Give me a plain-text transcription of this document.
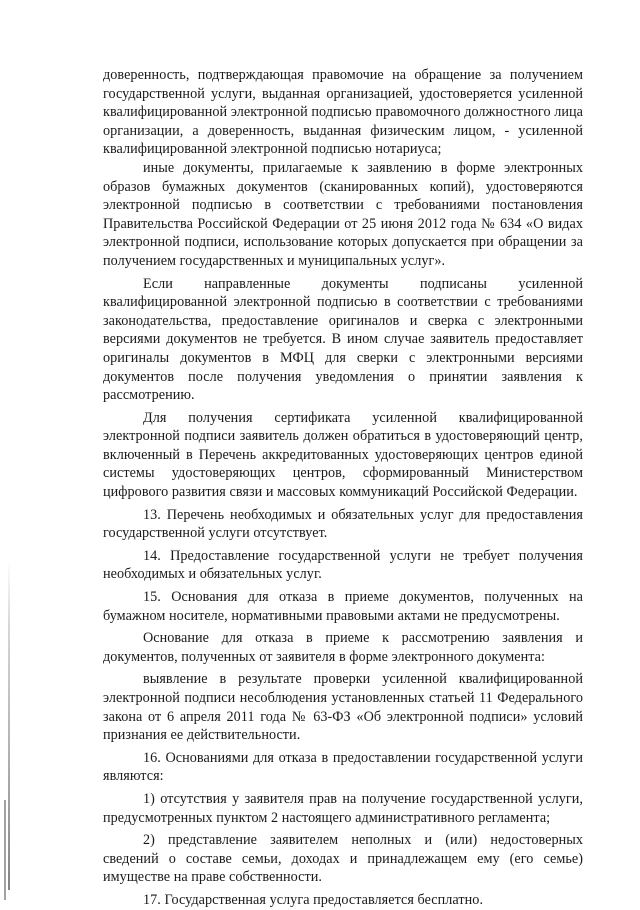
доверенность, подтверждающая правомочие на обращение за получением государственной услуги, выданная организацией, удостоверяется усиленной квалифицированной электронной подписью правомочного должностного лица организации, а доверенность, выданная физическим лицом, - усиленной квалифицированной электронной подписью нотариуса;

иные документы, прилагаемые к заявлению в форме электронных образов бумажных документов (сканированных копий), удостоверяются электронной подписью в соответствии с требованиями постановления Правительства Российской Федерации от 25 июня 2012 года № 634 «О видах электронной подписи, использование которых допускается при обращении за получением государственных и муниципальных услуг».

Если направленные документы подписаны усиленной квалифицированной электронной подписью в соответствии с требованиями законодательства, предоставление оригиналов и сверка с электронными версиями документов не требуется. В ином случае заявитель предоставляет оригиналы документов в МФЦ для сверки с электронными версиями документов после получения уведомления о принятии заявления к рассмотрению.

Для получения сертификата усиленной квалифицированной электронной подписи заявитель должен обратиться в удостоверяющий центр, включенный в Перечень аккредитованных удостоверяющих центров единой системы удостоверяющих центров, сформированный Министерством цифрового развития связи и массовых коммуникаций Российской Федерации.

13. Перечень необходимых и обязательных услуг для предоставления государственной услуги отсутствует.

14. Предоставление государственной услуги не требует получения необходимых и обязательных услуг.

15. Основания для отказа в приеме документов, полученных на бумажном носителе, нормативными правовыми актами не предусмотрены.

Основание для отказа в приеме к рассмотрению заявления и документов, полученных от заявителя в форме электронного документа:

выявление в результате проверки усиленной квалифицированной электронной подписи несоблюдения установленных статьей 11 Федерального закона от 6 апреля 2011 года № 63-ФЗ «Об электронной подписи» условий признания ее действительности.

16. Основаниями для отказа в предоставлении государственной услуги являются:

1) отсутствия у заявителя прав на получение государственной услуги, предусмотренных пунктом 2 настоящего административного регламента;

2) представление заявителем неполных и (или) недостоверных сведений о составе семьи, доходах и принадлежащем ему (его семье) имуществе на праве собственности.

17. Государственная услуга предоставляется бесплатно.
